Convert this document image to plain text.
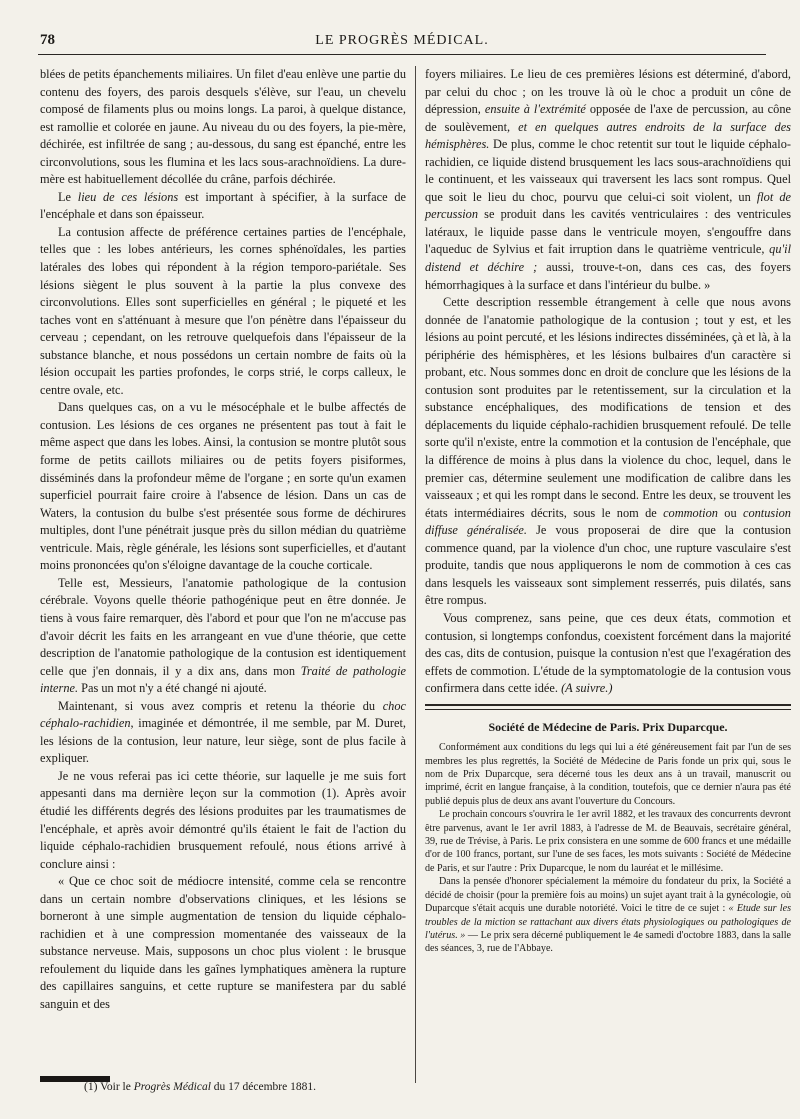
78	LE PROGRÈS MÉDICAL.

blées de petits épanchements miliaires. Un filet d'eau enlève une partie du contenu des foyers, des parois desquels s'élève, sur l'eau, un chevelu composé de filaments plus ou moins longs. La paroi, à quelque distance, est ramollie et colorée en jaune. Au niveau du ou des foyers, la pie-mère, déchirée, est infiltrée de sang ; au-dessous, du sang est épanché, entre les circonvolutions, sous les flumina et les lacs sous-arachnoïdiens. La dure-mère est habituellement décollée du crâne, parfois déchirée.

Le lieu de ces lésions est important à spécifier, à la surface de l'encéphale et dans son épaisseur.

La contusion affecte de préférence certaines parties de l'encéphale, telles que : les lobes antérieurs, les cornes sphénoïdales, les parties latérales des lobes qui répondent à la région temporo-pariétale. Ses lésions siègent le plus souvent à la partie la plus convexe des circonvolutions. Elles sont superficielles en général ; le piqueté et les taches vont en s'atténuant à mesure que l'on pénètre dans l'épaisseur du cerveau ; cependant, on les retrouve quelquefois dans l'épaisseur de la substance blanche, et nous possédons un certain nombre de faits où la lésion occupait les parties profondes, le corps strié, le corps calleux, le centre ovale, etc.

Dans quelques cas, on a vu le mésocéphale et le bulbe affectés de contusion. Les lésions de ces organes ne présentent pas tout à fait le même aspect que dans les lobes. Ainsi, la contusion se montre plutôt sous forme de petits caillots miliaires ou de petits foyers pisiformes, disséminés dans la profondeur même de l'organe ; en sorte qu'un examen superficiel pourrait faire croire à l'absence de lésion. Dans un cas de Waters, la contusion du bulbe s'est présentée sous forme de déchirures multiples, dont l'une pénétrait jusque près du sillon médian du quatrième ventricule. Mais, règle générale, les lésions sont superficielles, et d'autant moins prononcées qu'on s'éloigne davantage de la couche corticale.

Telle est, Messieurs, l'anatomie pathologique de la contusion cérébrale. Voyons quelle théorie pathogénique peut en être donnée. Je tiens à vous faire remarquer, dès l'abord et pour que l'on ne m'accuse pas d'avoir décrit les faits en les arrangeant en vue d'une théorie, que cette description de l'anatomie pathologique de la contusion est identiquement celle que j'en donnais, il y a dix ans, dans mon Traité de pathologie interne. Pas un mot n'y a été changé ni ajouté.

Maintenant, si vous avez compris et retenu la théorie du choc céphalo-rachidien, imaginée et démontrée, il me semble, par M. Duret, les lésions de la contusion, leur nature, leur siège, sont de plus facile à expliquer.

Je ne vous referai pas ici cette théorie, sur laquelle je me suis fort appesanti dans ma dernière leçon sur la commotion (1). Après avoir étudié les différents degrés des lésions produites par les traumatismes de l'encéphale, et après avoir démontré qu'ils étaient le fait de l'action du liquide céphalo-rachidien brusquement refoulé, nous étions arrivé à conclure ainsi :

« Que ce choc soit de médiocre intensité, comme cela se rencontre dans un certain nombre d'observations cliniques, et les lésions se borneront à une simple augmentation de tension du liquide céphalo-rachidien et à une compression momentanée des vaisseaux de la substance nerveuse. Mais, supposons un choc plus violent : le brusque refoulement du liquide dans les gaînes lymphatiques amènera la rupture des capillaires sanguins, et cette rupture se manifestera par du sablé sanguin et des

foyers miliaires. Le lieu de ces premières lésions est déterminé, d'abord, par celui du choc ; on les trouve là où le choc a produit un cône de dépression, ensuite à l'extrémité opposée de l'axe de percussion, au cône de soulèvement, et en quelques autres endroits de la surface des hémisphères. De plus, comme le choc retentit sur tout le liquide céphalo-rachidien, ce liquide distend brusquement les lacs sous-arachnoïdiens qui le continuent, et les vaisseaux qui traversent les lacs sont rompus. Quel que soit le lieu du choc, pourvu que celui-ci soit violent, un flot de percussion se produit dans les cavités ventriculaires : des ventricules latéraux, le liquide passe dans le ventricule moyen, s'engouffre dans l'aqueduc de Sylvius et fait irruption dans le quatrième ventricule, qu'il distend et déchire ; aussi, trouve-t-on, dans ces cas, des foyers hémorrhagiques à la surface et dans l'intérieur du bulbe. »

Cette description ressemble étrangement à celle que nous avons donnée de l'anatomie pathologique de la contusion ; tout y est, et les lésions au point percuté, et les lésions indirectes disséminées, çà et là, à la périphérie des hémisphères, et les lésions bulbaires d'un caractère si probant, etc. Nous sommes donc en droit de conclure que les lésions de la contusion sont produites par le retentissement, sur la circulation et la substance encéphaliques, des modifications de tension et des déplacements du liquide céphalo-rachidien brusquement refoulé. De telle sorte qu'il n'existe, entre la commotion et la contusion de l'encéphale, que la différence de moins à plus dans la violence du choc, lequel, dans le premier cas, détermine seulement une modification de calibre dans les vaisseaux ; et qui les rompt dans le second. Entre les deux, se trouvent les états intermédiaires décrits, sous le nom de commotion ou contusion diffuse généralisée. Je vous proposerai de dire que la contusion commence quand, par la violence d'un choc, une rupture vasculaire s'est produite, tandis que nous appliquerons le nom de commotion à ces cas dans lesquels les vaisseaux sont simplement resserrés, puis dilatés, sans être rompus.

Vous comprenez, sans peine, que ces deux états, commotion et contusion, si longtemps confondus, coexistent forcément dans la majorité des cas, dits de contusion, puisque la contusion n'est que l'exagération des effets de commotion. L'étude de la symptomatologie de la contusion vous confirmera dans cette idée. (A suivre.)

Société de Médecine de Paris. Prix Duparcque.

Conformément aux conditions du legs qui lui a été généreusement fait par l'un de ses membres les plus regrettés, la Société de Médecine de Paris fonde un prix qui, sous le nom de Prix Duparcque, sera décerné tous les deux ans à un travail, manuscrit ou imprimé, écrit en langue française, à la condition, toutefois, que ce dernier n'aura pas été publié depuis plus de deux ans avant l'ouverture du Concours.

Le prochain concours s'ouvrira le 1er avril 1882, et les travaux des concurrents devront être parvenus, avant le 1er avril 1883, à l'adresse de M. de Beauvais, secrétaire général, 39, rue de Trévise, à Paris. Le prix consistera en une somme de 600 francs et une médaille d'or de 100 francs, portant, sur l'une de ses faces, les mots suivants : Société de Médecine de Paris, et sur l'autre : Prix Duparcque, le nom du lauréat et le millésime.

Dans la pensée d'honorer spécialement la mémoire du fondateur du prix, la Société a décidé de choisir (pour la première fois au moins) un sujet ayant trait à la gynécologie, où Duparcque s'était acquis une durable notoriété. Voici le titre de ce sujet : « Etude sur les troubles de la miction se rattachant aux divers états physiologiques ou pathologiques de l'utérus. » — Le prix sera décerné publiquement le 4e samedi d'octobre 1883, dans la salle des séances, 3, rue de l'Abbaye.

(1) Voir le Progrès Médical du 17 décembre 1881.
